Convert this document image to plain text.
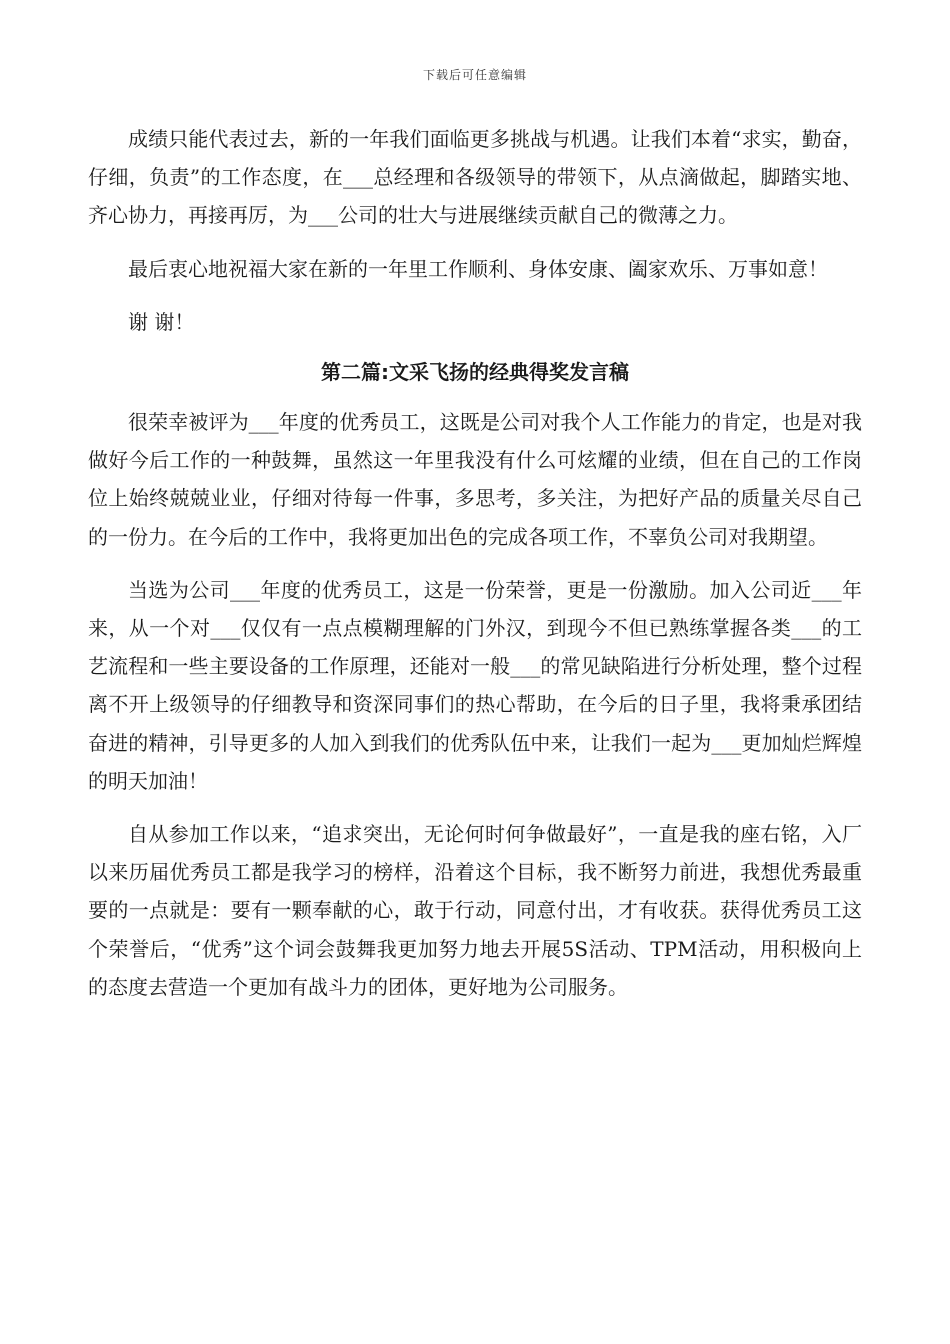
下载后可任意编辑

成绩只能代表过去，新的一年我们面临更多挑战与机遇。让我们本着“求实，勤奋，仔细，负责”的工作态度，在___总经理和各级领导的带领下，从点滴做起，脚踏实地、齐心协力，再接再厉，为___公司的壮大与进展继续贡献自己的微薄之力。

最后衷心地祝福大家在新的一年里工作顺利、身体安康、阖家欢乐、万事如意！

谢 谢！

第二篇:文采飞扬的经典得奖发言稿

很荣幸被评为___年度的优秀员工，这既是公司对我个人工作能力的肯定，也是对我做好今后工作的一种鼓舞，虽然这一年里我没有什么可炫耀的业绩，但在自己的工作岗位上始终兢兢业业，仔细对待每一件事，多思考，多关注，为把好产品的质量关尽自己的一份力。在今后的工作中，我将更加出色的完成各项工作，不辜负公司对我期望。

当选为公司___年度的优秀员工，这是一份荣誉，更是一份激励。加入公司近___年来，从一个对___仅仅有一点点模糊理解的门外汉，到现今不但已熟练掌握各类___的工艺流程和一些主要设备的工作原理，还能对一般___的常见缺陷进行分析处理，整个过程离不开上级领导的仔细教导和资深同事们的热心帮助，在今后的日子里，我将秉承团结奋进的精神，引导更多的人加入到我们的优秀队伍中来，让我们一起为___更加灿烂辉煌的明天加油！

自从参加工作以来，“追求突出，无论何时何争做最好”，一直是我的座右铭，入厂以来历届优秀员工都是我学习的榜样，沿着这个目标，我不断努力前进，我想优秀最重要的一点就是：要有一颗奉献的心，敢于行动，同意付出，才有收获。获得优秀员工这个荣誉后，“优秀”这个词会鼓舞我更加努力地去开展5S活动、TPM活动，用积极向上的态度去营造一个更加有战斗力的团体，更好地为公司服务。
